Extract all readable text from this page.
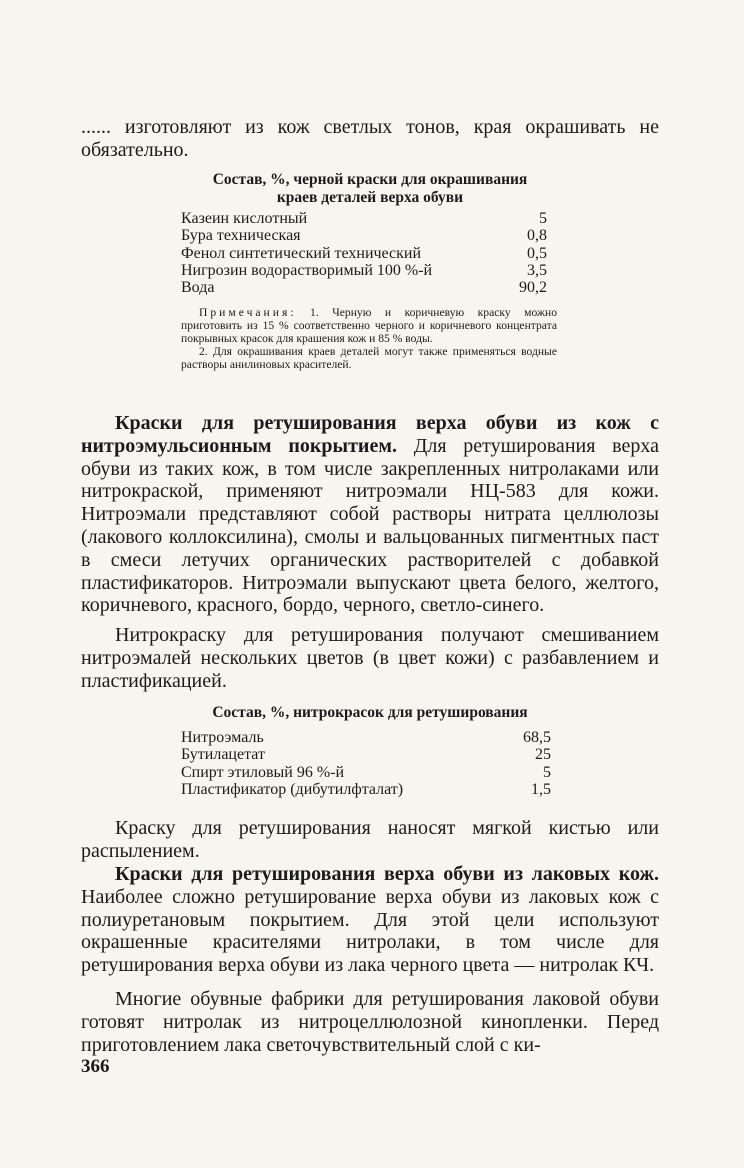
...... изготовляют из кож светлых тонов, края окрашивать не обязательно.

Состав, %, черной краски для окрашивания

краев деталей верха обуви

Казеин кислотный	5
Бура техническая	0,8
Фенол синтетический технический	0,5
Нигрозин водорастворимый 100 %-й	3,5
Вода	90,2

Примечания: 1. Черную и коричневую краску можно приготовить из 15 % соответственно черного и коричневого концентрата покрывных красок для крашения кож и 85 % воды.

2. Для окрашивания краев деталей могут также применяться водные растворы анилиновых красителей.

Краски для ретуширования верха обуви из кож с нитроэмульсионным покрытием. Для ретуширования верха обуви из таких кож, в том числе закрепленных нитролаками или нитрокраской, применяют нитроэмали НЦ-583 для кожи. Нитроэмали представляют собой растворы нитрата целлюлозы (лакового коллоксилина), смолы и вальцованных пигментных паст в смеси летучих органических растворителей с добавкой пластификаторов. Нитроэмали выпускают цвета белого, желтого, коричневого, красного, бордо, черного, светло-синего.

Нитрокраску для ретуширования получают смешиванием нитроэмалей нескольких цветов (в цвет кожи) с разбавлением и пластификацией.

Состав, %, нитрокрасок для ретуширования

Нитроэмаль	68,5
Бутилацетат	25
Спирт этиловый 96 %-й	5
Пластификатор (дибутилфталат)	1,5

Краску для ретуширования наносят мягкой кистью или распылением.

Краски для ретуширования верха обуви из лаковых кож. Наиболее сложно ретуширование верха обуви из лаковых кож с полиуретановым покрытием. Для этой цели используют окрашенные красителями нитролаки, в том числе для ретуширования верха обуви из лака черного цвета — нитролак КЧ.

Многие обувные фабрики для ретуширования лаковой обуви готовят нитролак из нитроцеллюлозной кинопленки. Перед приготовлением лака светочувствительный слой с ки-

366
